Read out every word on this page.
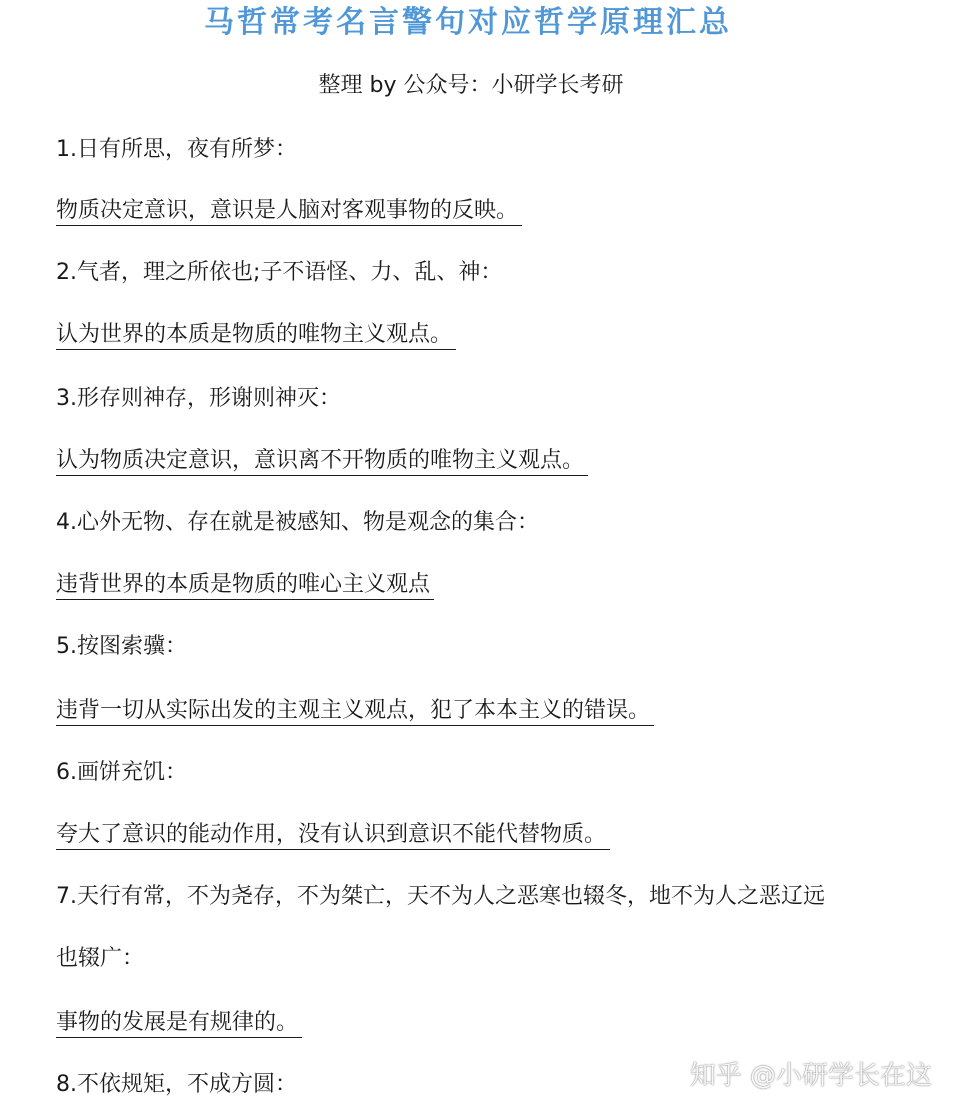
马哲常考名言警句对应哲学原理汇总
整理 by 公众号：小研学长考研
1.日有所思，夜有所梦：
物质决定意识，意识是人脑对客观事物的反映。
2.气者，理之所依也;子不语怪、力、乱、神：
认为世界的本质是物质的唯物主义观点。
3.形存则神存，形谢则神灭：
认为物质决定意识，意识离不开物质的唯物主义观点。
4.心外无物、存在就是被感知、物是观念的集合：
违背世界的本质是物质的唯心主义观点
5.按图索骥：
违背一切从实际出发的主观主义观点，犯了本本主义的错误。
6.画饼充饥：
夸大了意识的能动作用，没有认识到意识不能代替物质。
7.天行有常，不为尧存，不为桀亡，天不为人之恶寒也辍冬，地不为人之恶辽远
也辍广：
事物的发展是有规律的。
8.不依规矩，不成方圆：	知乎 @小研学长在这
